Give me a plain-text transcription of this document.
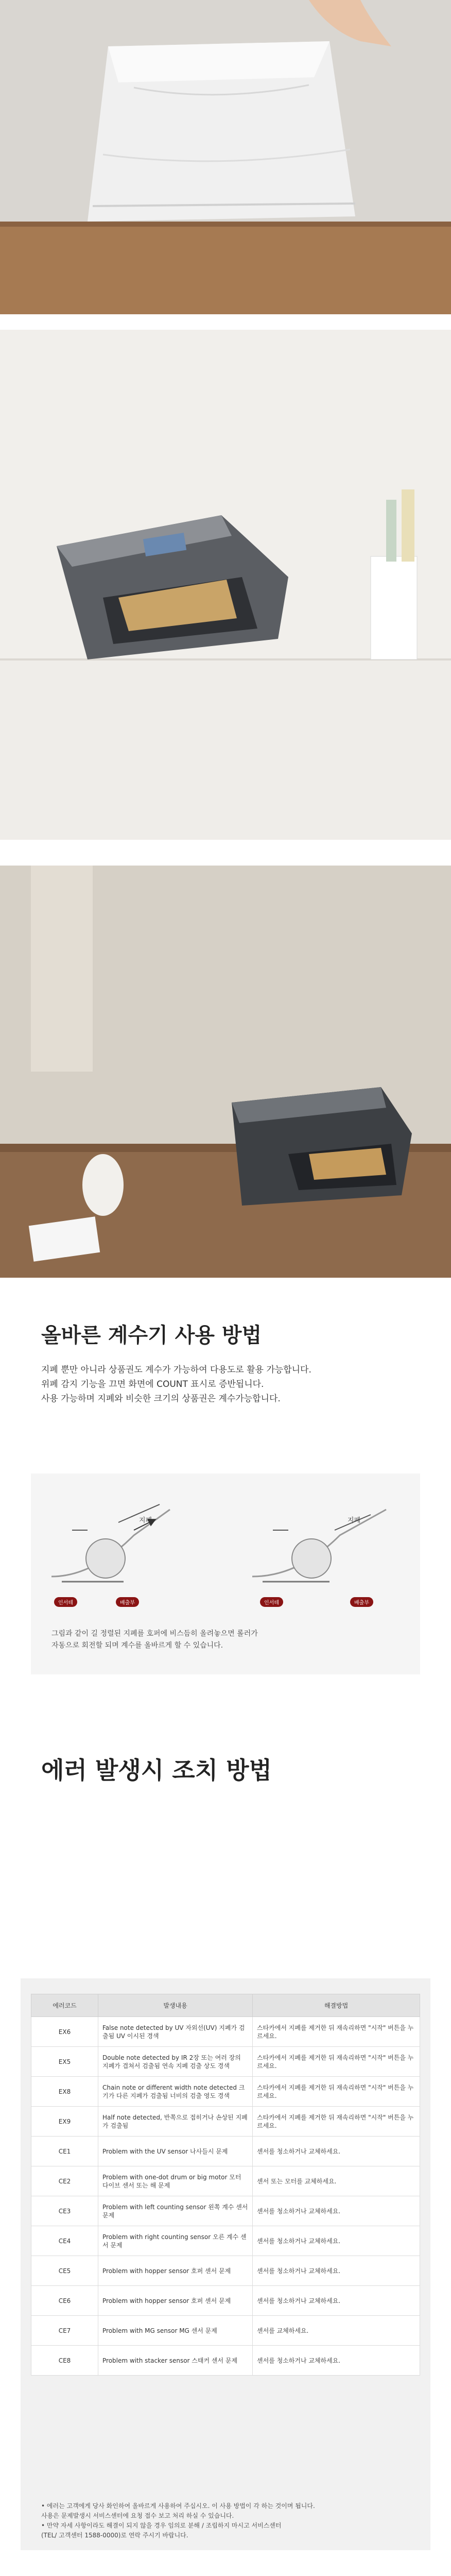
올바른 계수기 사용 방법

지폐 뿐만 아니라 상품권도 계수가 가능하여 다용도로 활용 가능합니다.

위폐 감지 기능을 끄면 화면에 COUNT 표시로 증반됩니다.

사용 가능하며 지폐와 비슷한 크기의 상품권은 계수가능합니다.

지폐	지폐
인서테	배출부	인서테	배출부
그림과 같이 길 정렬된 지폐를 호퍼에 비스듬히 올려놓으면 롤러가
자동으로 회전할 되며 계수를 올바르게 할 수 있습니다.
에러 발생시 조치 방법
에러코드	발생내용	해결방법
EX6	False note detected by UV 자외선(UV) 지폐가 검출됨 UV 이시된 경색	스타카에서 지폐를 제거한 뒤 재속리하면 "시작" 버튼을 누르세요.
EX5	Double note detected by IR 2장 또는 여러 장의 지폐가 겹쳐서 검출됨 연속 지폐 검출 상도 경색	스타카에서 지폐를 제거한 뒤 재속리하면 "시작" 버튼을 누르세요.
EX8	Chain note or different width note detected 크기가 다른 지폐가 검출됨 너비의 검출 영도 경색	스타카에서 지폐를 제거한 뒤 재속리하면 "시작" 버튼을 누르세요.
EX9	Half note detected, 반쪽으로 접히거나 손상된 지폐가 검출됨	스타카에서 지폐를 제거한 뒤 재속리하면 "시작" 버튼을 누르세요.
CE1	Problem with the UV sensor 나사들시 문제	센서를 청소하거나 교체하세요.
CE2	Problem with one-dot drum or big motor 모터 다이브 센서 또는 해 문제	센서 또는 모터를 교체하세요.
CE3	Problem with left counting sensor 왼쪽 계수 센서 문제	센서를 청소하거나 교체하세요.
CE4	Problem with right counting sensor 오른 계수 센서 문제	센서를 청소하거나 교체하세요.
CE5	Problem with hopper sensor 호퍼 센서 문제	센서를 청소하거나 교체하세요.
CE6	Problem with hopper sensor 호퍼 센서 문제	센서를 청소하거나 교체하세요.
CE7	Problem with MG sensor MG 센서 문제	센서를 교체하세요.
CE8	Problem with stacker sensor 스태커 센서 문제	센서를 청소하거나 교체하세요.
• 에러는 고객에게 당사 화인하여 올바르게 사용하여 주십시오. 이 사용 방법이 각 하는 것이며 됩니다.
사용은 문제발생시 서비스센터에 요청 접수 보고 처리 하실 수 있습니다.
• 만약 자세 사항이라도 해결이 되지 않을 경우 임의로 분해 / 조립하지 마시고 서비스센터
(TEL/ 고객센터 1588-0000)로 연락 주시기 바랍니다.
